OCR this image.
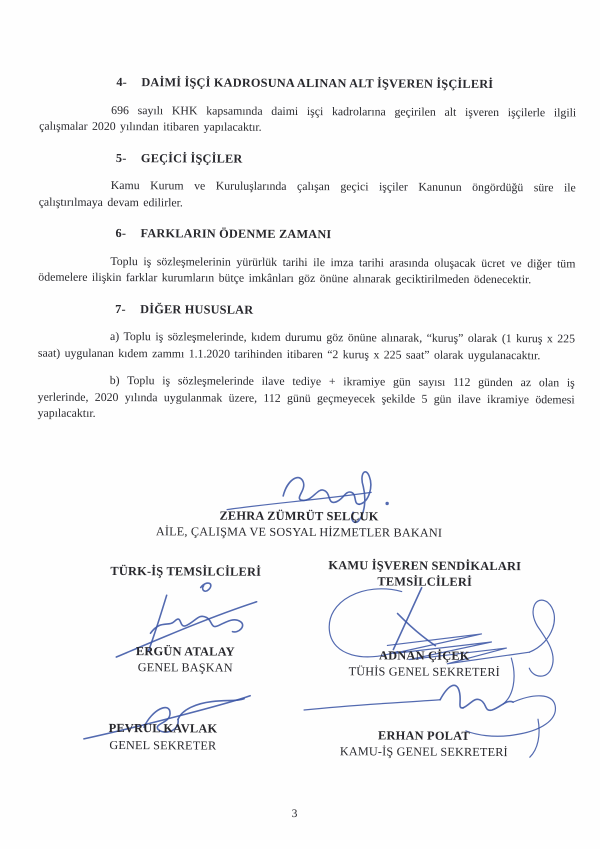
4- DAİMİ İŞÇİ KADROSUNA ALINAN ALT İŞVEREN İŞÇİLERİ

696 sayılı KHK kapsamında daimi işçi kadrolarına geçirilen alt işveren işçilerle ilgili çalışmalar 2020 yılından itibaren yapılacaktır.

5- GEÇİCİ İŞÇİLER

Kamu Kurum ve Kuruluşlarında çalışan geçici işçiler Kanunun öngördüğü süre ile çalıştırılmaya devam edilirler.

6- FARKLARIN ÖDENME ZAMANI

Toplu iş sözleşmelerinin yürürlük tarihi ile imza tarihi arasında oluşacak ücret ve diğer tüm ödemelere ilişkin farklar kurumların bütçe imkânları göz önüne alınarak geciktirilmeden ödenecektir.

7- DİĞER HUSUSLAR

a) Toplu iş sözleşmelerinde, kıdem durumu göz önüne alınarak, “kuruş” olarak (1 kuruş x 225 saat) uygulanan kıdem zammı 1.1.2020 tarihinden itibaren “2 kuruş x 225 saat” olarak uygulanacaktır.

b) Toplu iş sözleşmelerinde ilave tediye + ikramiye gün sayısı 112 günden az olan iş yerlerinde, 2020 yılında uygulanmak üzere, 112 günü geçmeyecek şekilde 5 gün ilave ikramiye ödemesi yapılacaktır.

ZEHRA ZÜMRÜT SELÇUK
AİLE, ÇALIŞMA VE SOSYAL HİZMETLER BAKANI
TÜRK-İŞ TEMSİLCİLERİ	KAMU İŞVEREN SENDİKALARI
TEMSİLCİLERİ
ERGÜN ATALAY
GENEL BAŞKAN
ADNAN ÇİÇEK
TÜHİS GENEL SEKRETERİ
PEVRUL KAVLAK
GENEL SEKRETER
ERHAN POLAT
KAMU-İŞ GENEL SEKRETERİ
3
